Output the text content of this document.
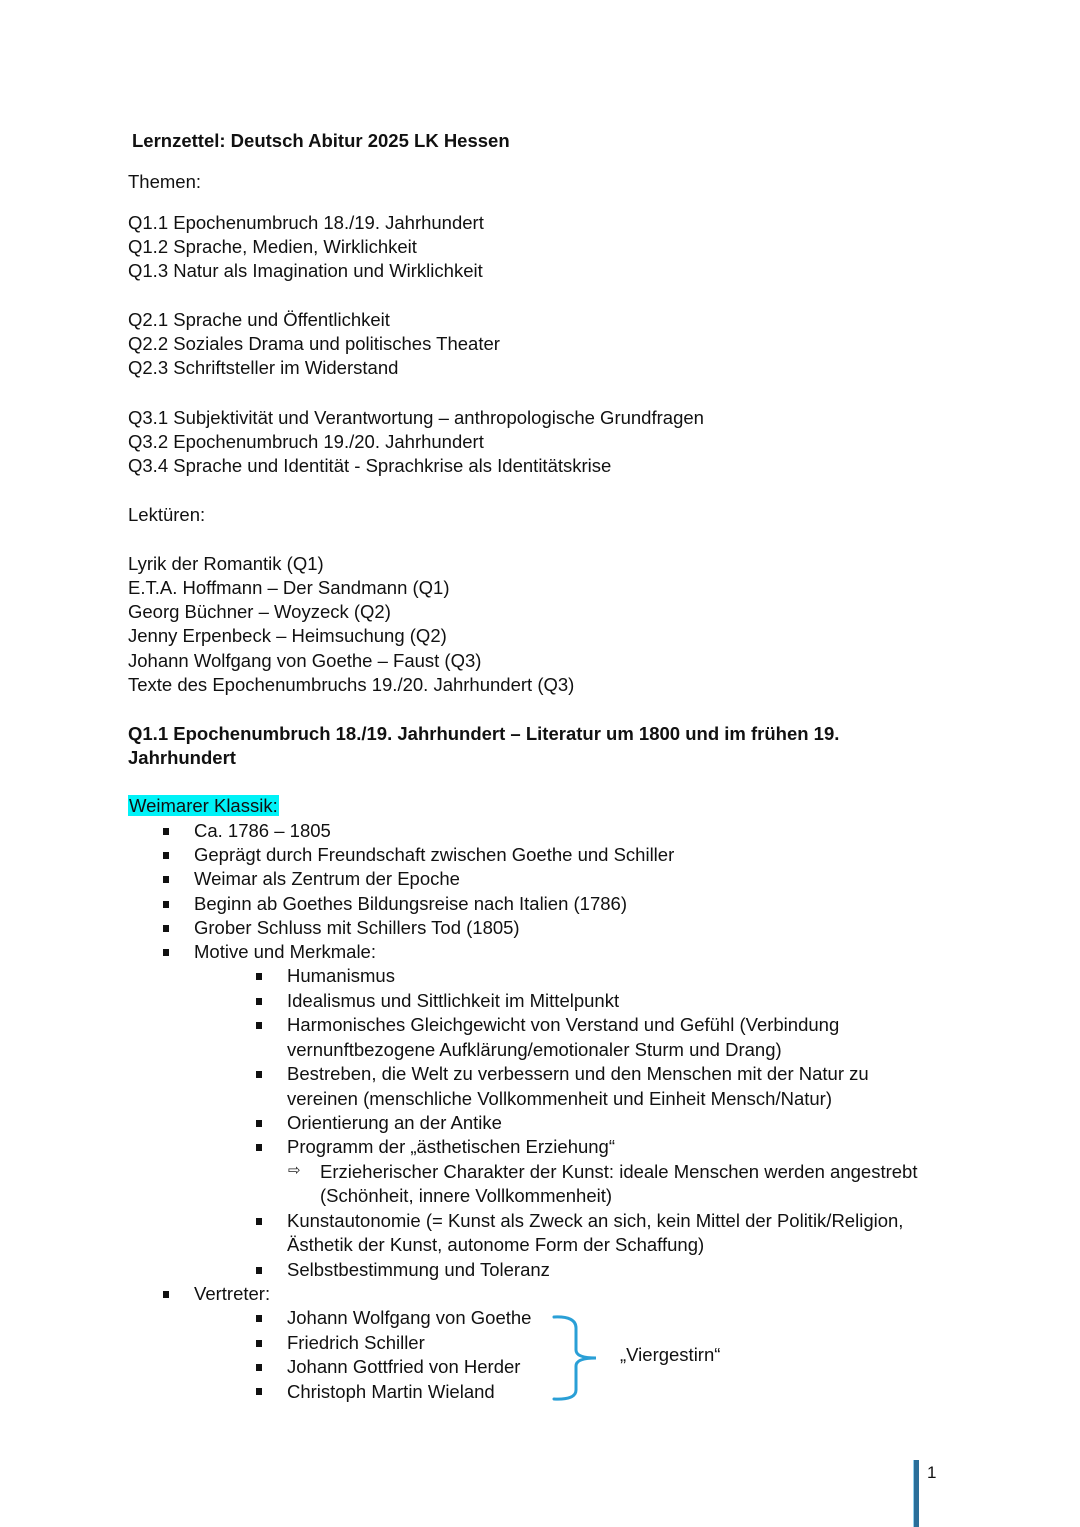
Lernzettel: Deutsch Abitur 2025 LK Hessen
Themen:
Q1.1 Epochenumbruch 18./19. Jahrhundert
Q1.2 Sprache, Medien, Wirklichkeit
Q1.3 Natur als Imagination und Wirklichkeit
Q2.1 Sprache und Öffentlichkeit
Q2.2 Soziales Drama und politisches Theater
Q2.3 Schriftsteller im Widerstand
Q3.1 Subjektivität und Verantwortung – anthropologische Grundfragen
Q3.2 Epochenumbruch 19./20. Jahrhundert
Q3.4 Sprache und Identität - Sprachkrise als Identitätskrise
Lektüren:
Lyrik der Romantik (Q1)
E.T.A. Hoffmann – Der Sandmann (Q1)
Georg Büchner – Woyzeck (Q2)
Jenny Erpenbeck – Heimsuchung (Q2)
Johann Wolfgang von Goethe – Faust (Q3)
Texte des Epochenumbruchs 19./20. Jahrhundert (Q3)
Q1.1 Epochenumbruch 18./19. Jahrhundert – Literatur um 1800 und im frühen 19.
Jahrhundert
Weimarer Klassik:
Ca. 1786 – 1805
Geprägt durch Freundschaft zwischen Goethe und Schiller
Weimar als Zentrum der Epoche
Beginn ab Goethes Bildungsreise nach Italien (1786)
Grober Schluss mit Schillers Tod (1805)
Motive und Merkmale:
Humanismus
Idealismus und Sittlichkeit im Mittelpunkt
Harmonisches Gleichgewicht von Verstand und Gefühl (Verbindung
vernunftbezogene Aufklärung/emotionaler Sturm und Drang)
Bestreben, die Welt zu verbessern und den Menschen mit der Natur zu
vereinen (menschliche Vollkommenheit und Einheit Mensch/Natur)
Orientierung an der Antike
Programm der „ästhetischen Erziehung“
⇨ Erzieherischer Charakter der Kunst: ideale Menschen werden angestrebt
(Schönheit, innere Vollkommenheit)
Kunstautonomie (= Kunst als Zweck an sich, kein Mittel der Politik/Religion,
Ästhetik der Kunst, autonome Form der Schaffung)
Selbstbestimmung und Toleranz
Vertreter:
Johann Wolfgang von Goethe
Friedrich Schiller
Johann Gottfried von Herder
Christoph Martin Wieland
„Viergestirn“
1
